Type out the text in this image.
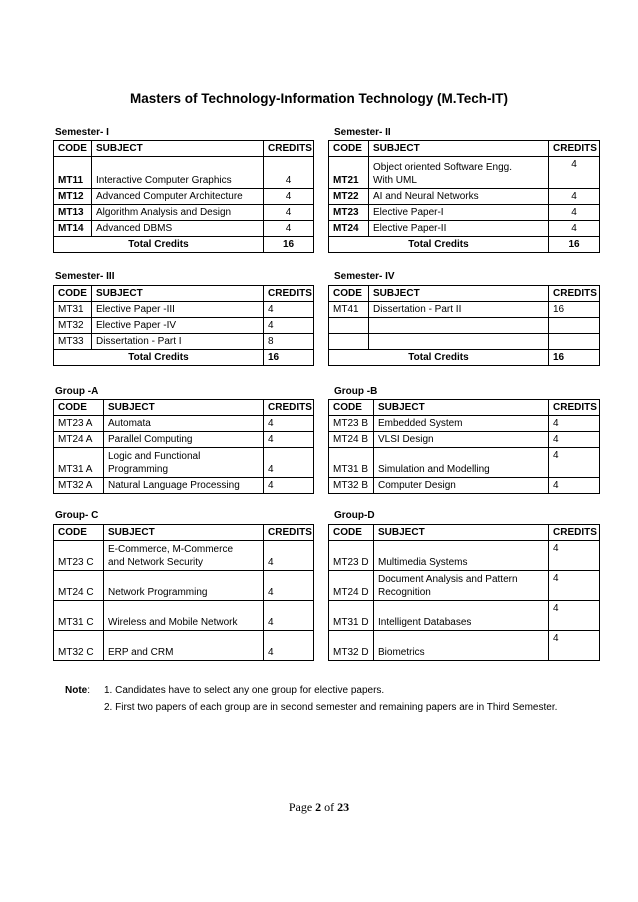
Masters of Technology-Information Technology (M.Tech-IT)
Semester- I
CODE	SUBJECT	CREDITS
MT11	Interactive Computer Graphics	4
MT12	Advanced Computer Architecture	4
MT13	Algorithm Analysis and Design	4
MT14	Advanced DBMS	4
Total Credits		16
Semester- II
CODE	SUBJECT	CREDITS
MT21	Object oriented Software Engg.
With UML	4
MT22	AI and Neural Networks	4
MT23	Elective Paper-I	4
MT24	Elective Paper-II	4
Total Credits		16
Semester- III
CODE	SUBJECT	CREDITS
MT31	Elective Paper -III	4
MT32	Elective Paper -IV	4
MT33	Dissertation - Part I	8
Total Credits		16
Semester- IV
CODE	SUBJECT	CREDITS
MT41	Dissertation - Part II	16

Total Credits		16
Group -A
CODE	SUBJECT	CREDITS
MT23 A	Automata	4
MT24 A	Parallel Computing	4
MT31 A	Logic and Functional
Programming	4
MT32 A	Natural Language Processing	4
Group -B
CODE	SUBJECT	CREDITS
MT23 B	Embedded System	4
MT24 B	VLSI Design	4
MT31 B	Simulation and Modelling	4
MT32 B	Computer Design	4
Group- C
CODE	SUBJECT	CREDITS
MT23 C	E-Commerce, M-Commerce
and Network Security	4
MT24 C	Network Programming	4
MT31 C	Wireless and Mobile Network	4
MT32 C	ERP and CRM	4
Group-D
CODE	SUBJECT	CREDITS
MT23 D	Multimedia Systems	4
MT24 D	Document Analysis and Pattern
Recognition	4
MT31 D	Intelligent Databases	4
MT32 D	Biometrics	4
Note: 1. Candidates have to select any one group for elective papers.
2. First two papers of each group are in second semester and remaining papers are in Third Semester.
Page 2 of 23
